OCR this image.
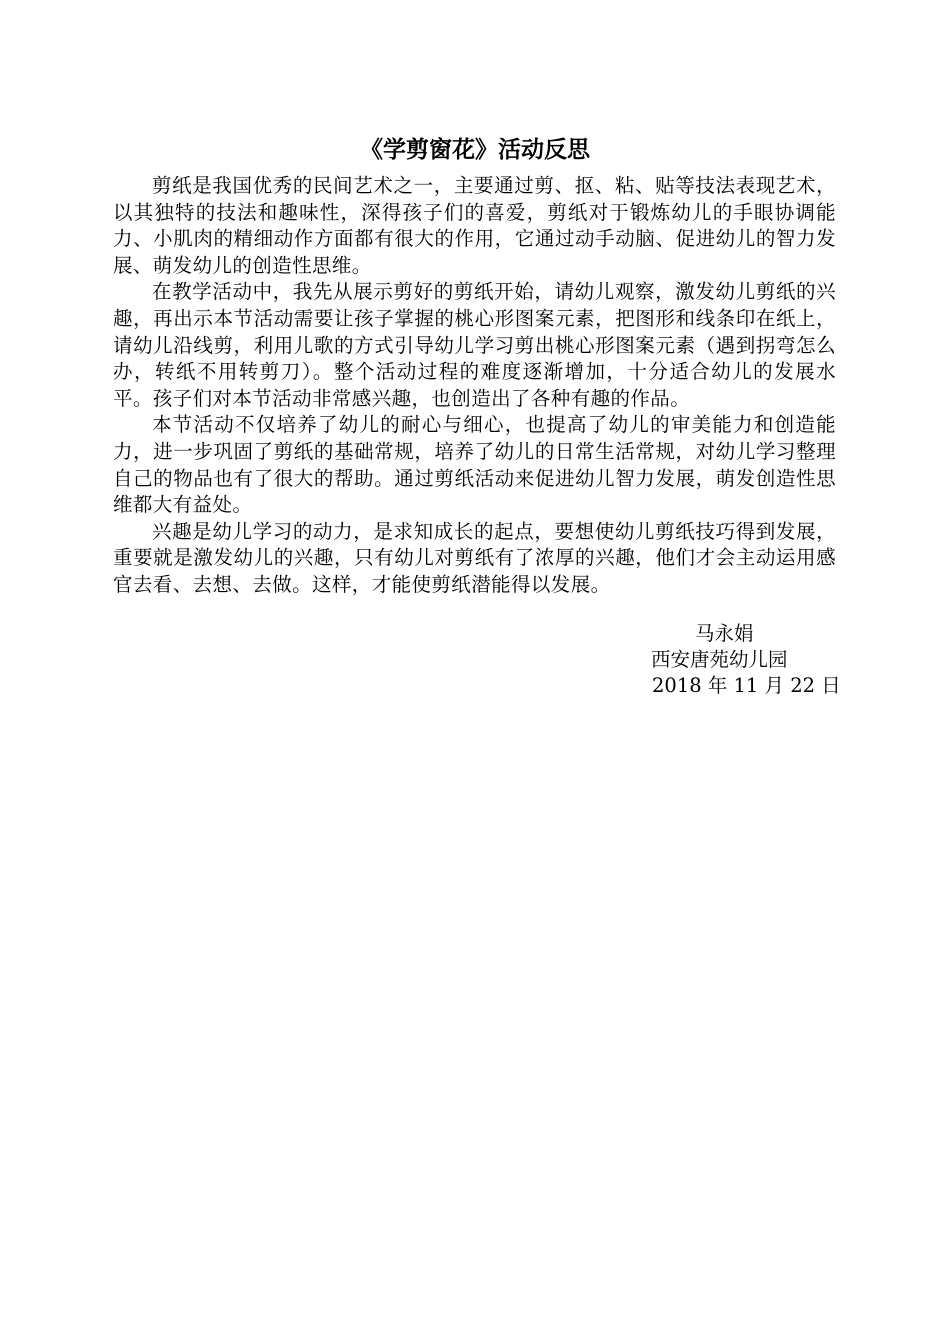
《学剪窗花》活动反思

剪纸是我国优秀的民间艺术之一，主要通过剪、抠、粘、贴等技法表现艺术，以其独特的技法和趣味性，深得孩子们的喜爱，剪纸对于锻炼幼儿的手眼协调能力、小肌肉的精细动作方面都有很大的作用，它通过动手动脑、促进幼儿的智力发展、萌发幼儿的创造性思维。

在教学活动中，我先从展示剪好的剪纸开始，请幼儿观察，激发幼儿剪纸的兴趣，再出示本节活动需要让孩子掌握的桃心形图案元素，把图形和线条印在纸上，请幼儿沿线剪，利用儿歌的方式引导幼儿学习剪出桃心形图案元素（遇到拐弯怎么办，转纸不用转剪刀）。整个活动过程的难度逐渐增加，十分适合幼儿的发展水平。孩子们对本节活动非常感兴趣，也创造出了各种有趣的作品。

本节活动不仅培养了幼儿的耐心与细心，也提高了幼儿的审美能力和创造能力，进一步巩固了剪纸的基础常规，培养了幼儿的日常生活常规，对幼儿学习整理自己的物品也有了很大的帮助。通过剪纸活动来促进幼儿智力发展，萌发创造性思维都大有益处。

兴趣是幼儿学习的动力，是求知成长的起点，要想使幼儿剪纸技巧得到发展，重要就是激发幼儿的兴趣，只有幼儿对剪纸有了浓厚的兴趣，他们才会主动运用感官去看、去想、去做。这样，才能使剪纸潜能得以发展。

马永娟
西安唐苑幼儿园
2018 年 11 月 22 日
